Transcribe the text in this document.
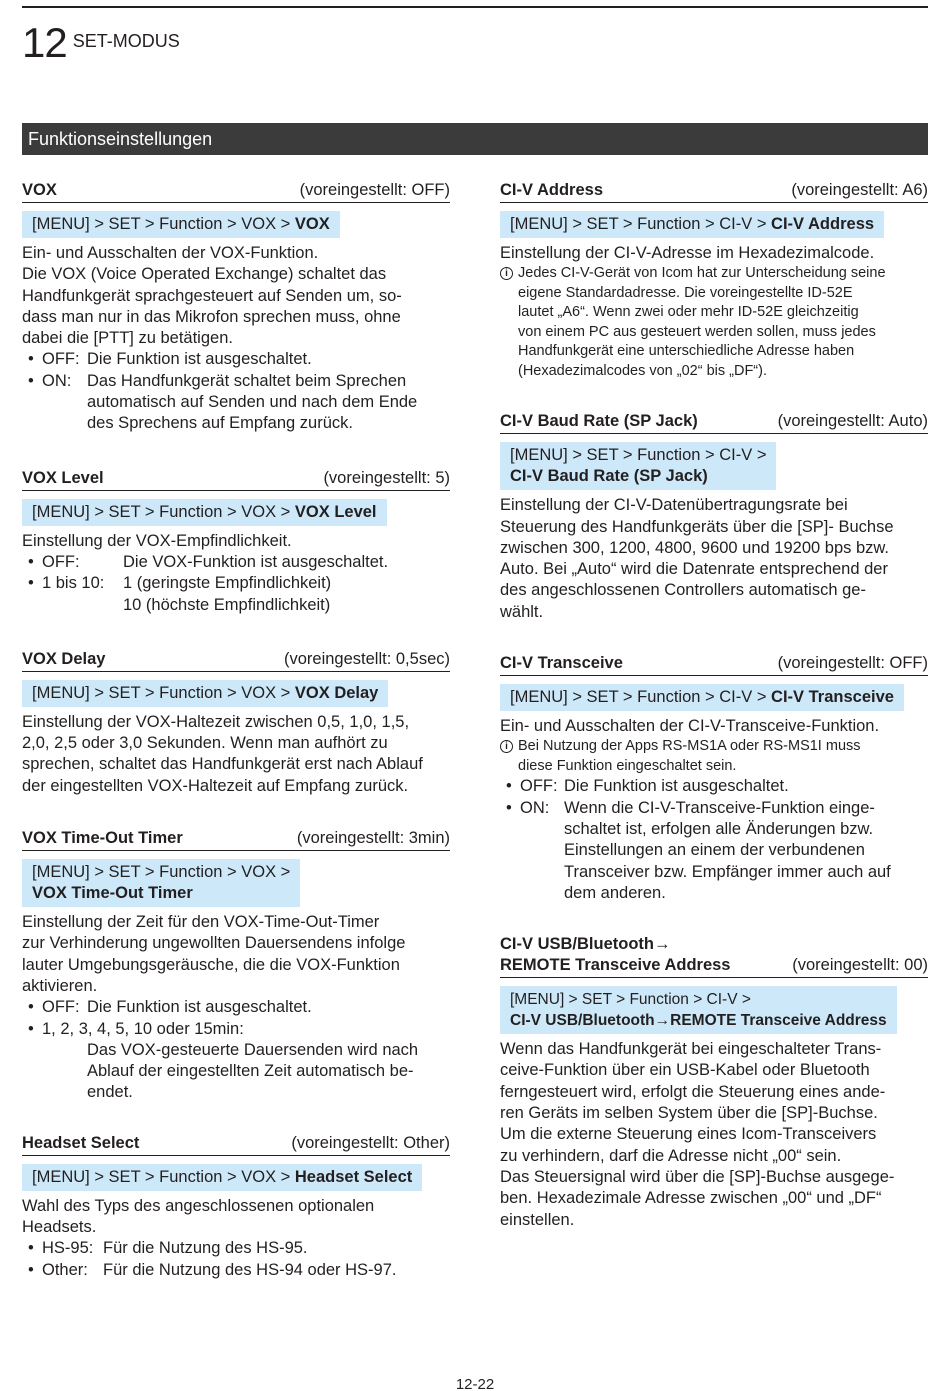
12 SET-MODUS
Funktionseinstellungen
VOX	(voreingestellt: OFF)
[MENU] > SET > Function > VOX > VOX
Ein- und Ausschalten der VOX-Funktion.
Die VOX (Voice Operated Exchange) schaltet das
Handfunkgerät sprachgesteuert auf Senden um, so-
dass man nur in das Mikrofon sprechen muss, ohne
dabei die [PTT] zu betätigen.
• OFF: Die Funktion ist ausgeschaltet.
• ON: Das Handfunkgerät schaltet beim Sprechen
automatisch auf Senden und nach dem Ende
des Sprechens auf Empfang zurück.
VOX Level	(voreingestellt: 5)
[MENU] > SET > Function > VOX > VOX Level
Einstellung der VOX-Empfindlichkeit.
• OFF:	Die VOX-Funktion ist ausgeschaltet.
• 1 bis 10:	1 (geringste Empfindlichkeit)
10 (höchste Empfindlichkeit)
VOX Delay	(voreingestellt: 0,5sec)
[MENU] > SET > Function > VOX > VOX Delay
Einstellung der VOX-Haltezeit zwischen 0,5, 1,0, 1,5,
2,0, 2,5 oder 3,0 Sekunden. Wenn man aufhört zu
sprechen, schaltet das Handfunkgerät erst nach Ablauf
der eingestellten VOX-Haltezeit auf Empfang zurück.
VOX Time-Out Timer	(voreingestellt: 3min)
[MENU] > SET > Function > VOX >
VOX Time-Out Timer
Einstellung der Zeit für den VOX-Time-Out-Timer
zur Verhinderung ungewollten Dauersendens infolge
lauter Umgebungsgeräusche, die die VOX-Funktion
aktivieren.
• OFF: Die Funktion ist ausgeschaltet.
• 1, 2, 3, 4, 5, 10 oder 15min:
Das VOX-gesteuerte Dauersenden wird nach
Ablauf der eingestellten Zeit automatisch be-
endet.
Headset Select	(voreingestellt: Other)
[MENU] > SET > Function > VOX > Headset Select
Wahl des Typs des angeschlossenen optionalen
Headsets.
• HS-95: Für die Nutzung des HS-95.
• Other: Für die Nutzung des HS-94 oder HS-97.
CI-V Address	(voreingestellt: A6)
[MENU] > SET > Function > CI-V > CI-V Address
Einstellung der CI-V-Adresse im Hexadezimalcode.
i Jedes CI-V-Gerät von Icom hat zur Unterscheidung seine
eigene Standardadresse. Die voreingestellte ID-52E
lautet „A6“. Wenn zwei oder mehr ID-52E gleichzeitig
von einem PC aus gesteuert werden sollen, muss jedes
Handfunkgerät eine unterschiedliche Adresse haben
(Hexadezimalcodes von „02“ bis „DF“).
CI-V Baud Rate (SP Jack)	(voreingestellt: Auto)
[MENU] > SET > Function > CI-V >
CI-V Baud Rate (SP Jack)
Einstellung der CI-V-Datenübertragungsrate bei
Steuerung des Handfunkgeräts über die [SP]- Buchse
zwischen 300, 1200, 4800, 9600 und 19200 bps bzw.
Auto. Bei „Auto“ wird die Datenrate entsprechend der
des angeschlossenen Controllers automatisch ge-
wählt.
CI-V Transceive	(voreingestellt: OFF)
[MENU] > SET > Function > CI-V > CI-V Transceive
Ein- und Ausschalten der CI-V-Transceive-Funktion.
i Bei Nutzung der Apps RS-MS1A oder RS-MS1I muss
diese Funktion eingeschaltet sein.
• OFF: Die Funktion ist ausgeschaltet.
• ON: Wenn die CI-V-Transceive-Funktion einge-
schaltet ist, erfolgen alle Änderungen bzw.
Einstellungen an einem der verbundenen
Transceiver bzw. Empfänger immer auch auf
dem anderen.
CI-V USB/Bluetooth→
REMOTE Transceive Address	(voreingestellt: 00)
[MENU] > SET > Function > CI-V >
CI-V USB/Bluetooth→REMOTE Transceive Address
Wenn das Handfunkgerät bei eingeschalteter Trans-
ceive-Funktion über ein USB-Kabel oder Bluetooth
ferngesteuert wird, erfolgt die Steuerung eines ande-
ren Geräts im selben System über die [SP]-Buchse.
Um die externe Steuerung eines Icom-Transceivers
zu verhindern, darf die Adresse nicht „00“ sein.
Das Steuersignal wird über die [SP]-Buchse ausgege-
ben. Hexadezimale Adresse zwischen „00“ und „DF“
einstellen.
12-22
